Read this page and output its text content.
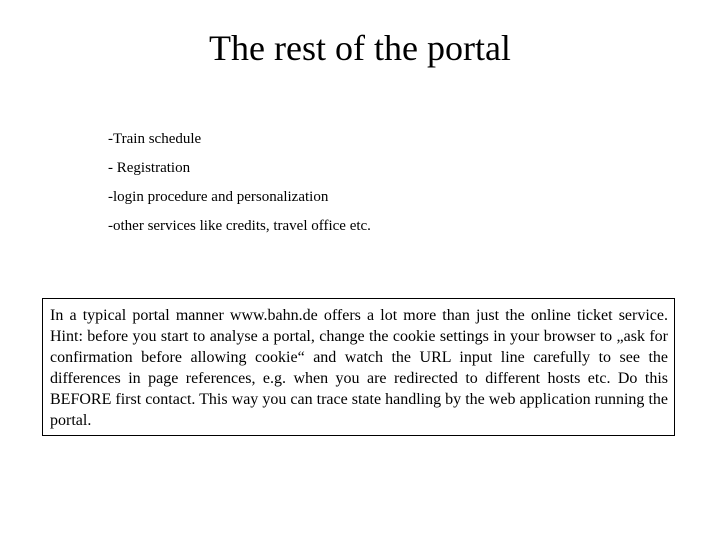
The rest of the portal
-Train schedule
- Registration
-login procedure and personalization
-other services like credits, travel office etc.
In a typical portal manner www.bahn.de offers a lot more than just the online ticket service. Hint: before you start to analyse a portal, change the cookie settings in your browser to „ask for confirmation before allowing cookie“ and watch the URL input line carefully to see the differences in page references, e.g. when you are redirected to different hosts etc. Do this BEFORE first contact. This way you can trace state handling by the web application running the portal.
